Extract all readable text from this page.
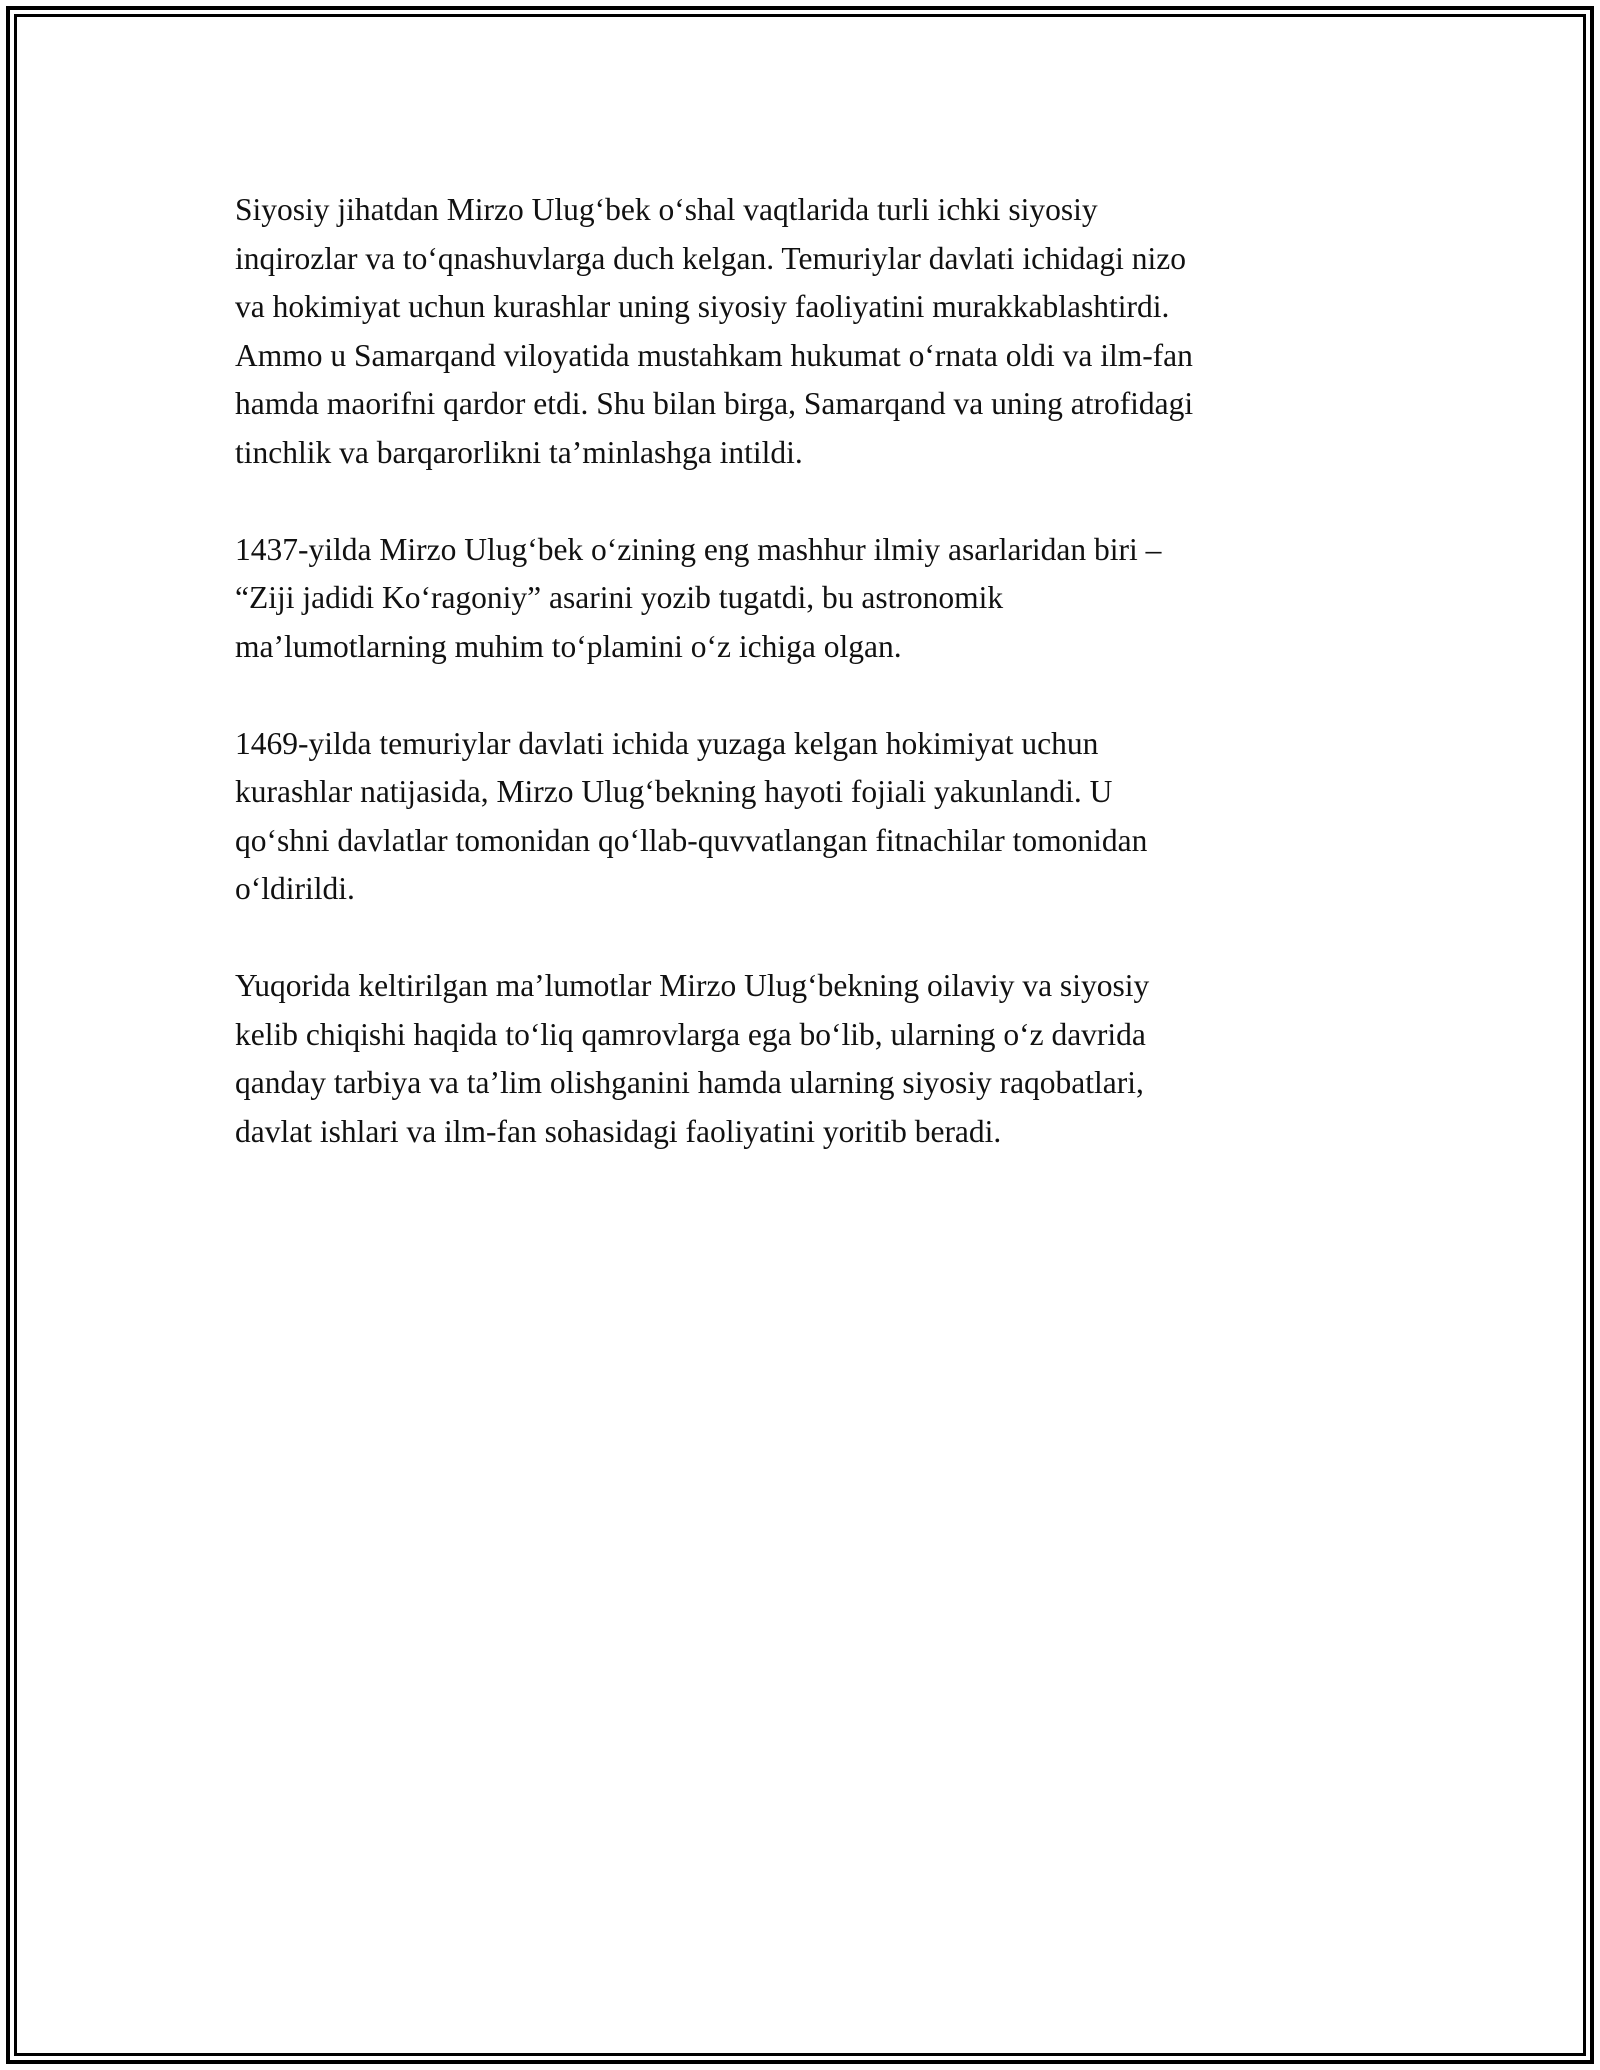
Siyosiy jihatdan Mirzo Ulug‘bek o‘shal vaqtlarida turli ichki siyosiy
inqirozlar va to‘qnashuvlarga duch kelgan. Temuriylar davlati ichidagi nizo
va hokimiyat uchun kurashlar uning siyosiy faoliyatini murakkablashtirdi.
Ammo u Samarqand viloyatida mustahkam hukumat o‘rnata oldi va ilm-fan
hamda maorifni qardor etdi. Shu bilan birga, Samarqand va uning atrofidagi
tinchlik va barqarorlikni ta’minlashga intildi.

1437-yilda Mirzo Ulug‘bek o‘zining eng mashhur ilmiy asarlaridan biri –
“Ziji jadidi Ko‘ragoniy” asarini yozib tugatdi, bu astronomik
ma’lumotlarning muhim to‘plamini o‘z ichiga olgan.

1469-yilda temuriylar davlati ichida yuzaga kelgan hokimiyat uchun
kurashlar natijasida, Mirzo Ulug‘bekning hayoti fojiali yakunlandi. U
qo‘shni davlatlar tomonidan qo‘llab-quvvatlangan fitnachilar tomonidan
o‘ldirildi.

Yuqorida keltirilgan ma’lumotlar Mirzo Ulug‘bekning oilaviy va siyosiy
kelib chiqishi haqida to‘liq qamrovlarga ega bo‘lib, ularning o‘z davrida
qanday tarbiya va ta’lim olishganini hamda ularning siyosiy raqobatlari,
davlat ishlari va ilm-fan sohasidagi faoliyatini yoritib beradi.
